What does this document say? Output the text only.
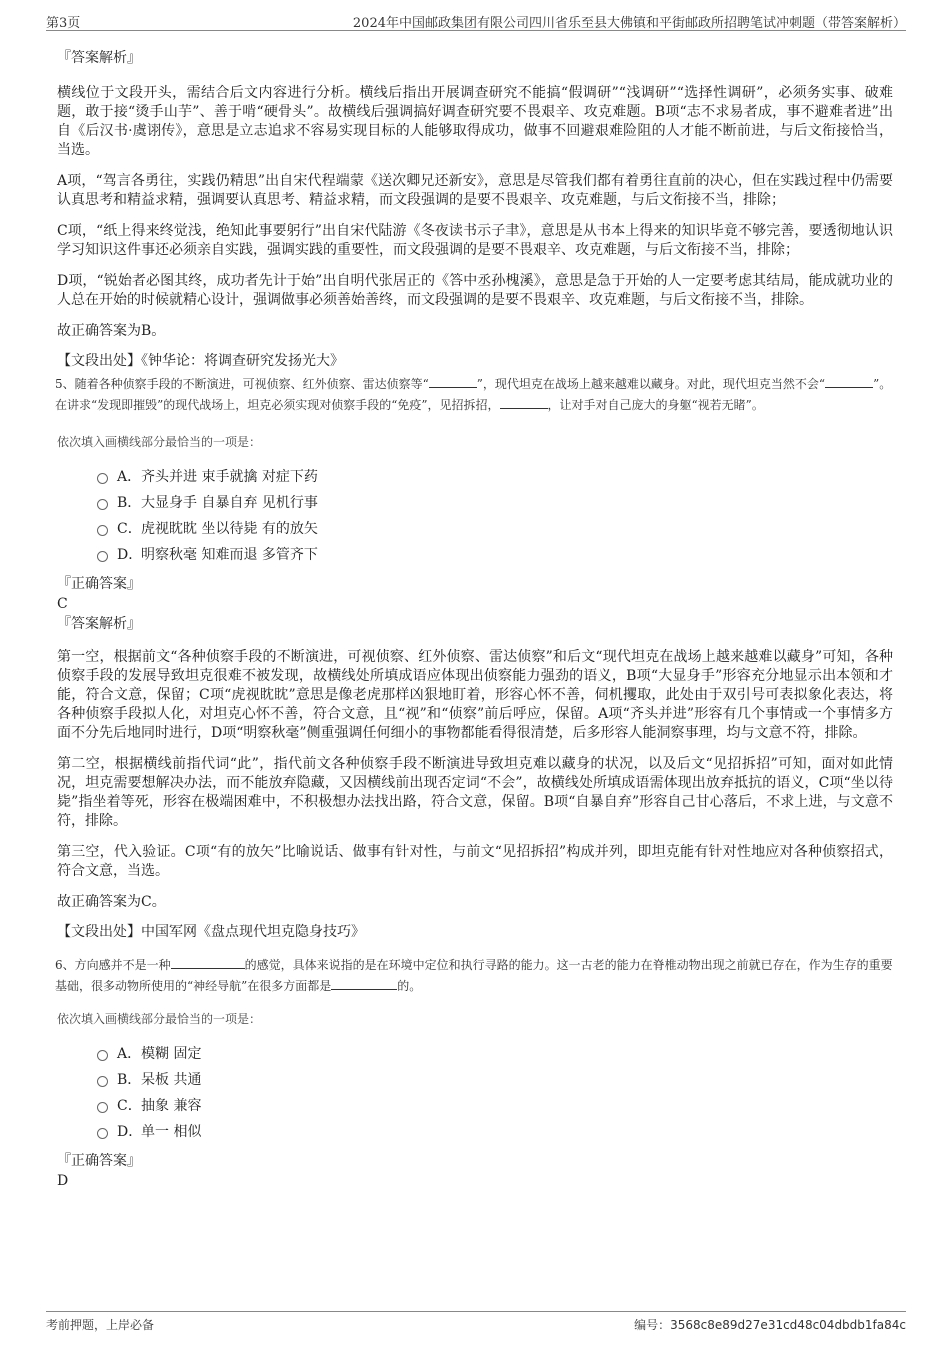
第3页	2024年中国邮政集团有限公司四川省乐至县大佛镇和平街邮政所招聘笔试冲刺题（带答案解析）

『答案解析』

横线位于文段开头，需结合后文内容进行分析。横线后指出开展调查研究不能搞“假调研”“浅调研”“选择性调研”，必须务实事、破难题，敢于接“烫手山芋”、善于啃“硬骨头”。故横线后强调搞好调查研究要不畏艰辛、攻克难题。B项“志不求易者成，事不避难者进”出自《后汉书·虞诩传》，意思是立志追求不容易实现目标的人能够取得成功，做事不回避艰难险阻的人才能不断前进，与后文衔接恰当，当选。

A项，“驾言各勇往，实践仍精思”出自宋代程端蒙《送次卿兄还新安》，意思是尽管我们都有着勇往直前的决心，但在实践过程中仍需要认真思考和精益求精，强调要认真思考、精益求精，而文段强调的是要不畏艰辛、攻克难题，与后文衔接不当，排除；

C项，“纸上得来终觉浅，绝知此事要躬行”出自宋代陆游《冬夜读书示子聿》，意思是从书本上得来的知识毕竟不够完善，要透彻地认识学习知识这件事还必须亲自实践，强调实践的重要性，而文段强调的是要不畏艰辛、攻克难题，与后文衔接不当，排除；

D项，“锐始者必图其终，成功者先计于始”出自明代张居正的《答中丞孙槐溪》，意思是急于开始的人一定要考虑其结局，能成就功业的人总在开始的时候就精心设计，强调做事必须善始善终，而文段强调的是要不畏艰辛、攻克难题，与后文衔接不当，排除。

故正确答案为B。

【文段出处】《钟华论：将调查研究发扬光大》

5、随着各种侦察手段的不断演进，可视侦察、红外侦察、雷达侦察等“	”，现代坦克在战场上越来越难以藏身。对此，现代坦克当然不会“	”。在讲求“发现即摧毁”的现代战场上，坦克必须实现对侦察手段的“免疫”，见招拆招，	，让对手对自己庞大的身躯“视若无睹”。

依次填入画横线部分最恰当的一项是：

A．齐头并进 束手就擒 对症下药
B．大显身手 自暴自弃 见机行事
C．虎视眈眈 坐以待毙 有的放矢
D．明察秋毫 知难而退 多管齐下

『正确答案』

C

『答案解析』

第一空，根据前文“各种侦察手段的不断演进，可视侦察、红外侦察、雷达侦察”和后文“现代坦克在战场上越来越难以藏身”可知，各种侦察手段的发展导致坦克很难不被发现，故横线处所填成语应体现出侦察能力强劲的语义，B项“大显身手”形容充分地显示出本领和才能，符合文意，保留；C项“虎视眈眈”意思是像老虎那样凶狠地盯着，形容心怀不善，伺机攫取，此处由于双引号可表拟象化表达，将各种侦察手段拟人化，对坦克心怀不善，符合文意，且“视”和“侦察”前后呼应，保留。A项“齐头并进”形容有几个事情或一个事情多方面不分先后地同时进行，D项“明察秋毫”侧重强调任何细小的事物都能看得很清楚，后多形容人能洞察事理，均与文意不符，排除。

第二空，根据横线前指代词“此”，指代前文各种侦察手段不断演进导致坦克难以藏身的状况，以及后文“见招拆招”可知，面对如此情况，坦克需要想解决办法，而不能放弃隐藏，又因横线前出现否定词“不会”，故横线处所填成语需体现出放弃抵抗的语义，C项“坐以待毙”指坐着等死，形容在极端困难中，不积极想办法找出路，符合文意，保留。B项“自暴自弃”形容自己甘心落后，不求上进，与文意不符，排除。

第三空，代入验证。C项“有的放矢”比喻说话、做事有针对性，与前文“见招拆招”构成并列，即坦克能有针对性地应对各种侦察招式，符合文意，当选。

故正确答案为C。

【文段出处】中国军网《盘点现代坦克隐身技巧》

6、方向感并不是一种	的感觉，具体来说指的是在环境中定位和执行寻路的能力。这一古老的能力在脊椎动物出现之前就已存在，作为生存的重要基础，很多动物所使用的“神经导航”在很多方面都是	的。

依次填入画横线部分最恰当的一项是：

A．模糊 固定
B．呆板 共通
C．抽象 兼容
D．单一 相似

『正确答案』

D

考前押题，上岸必备	编号：3568c8e89d27e31cd48c04dbdb1fa84c
